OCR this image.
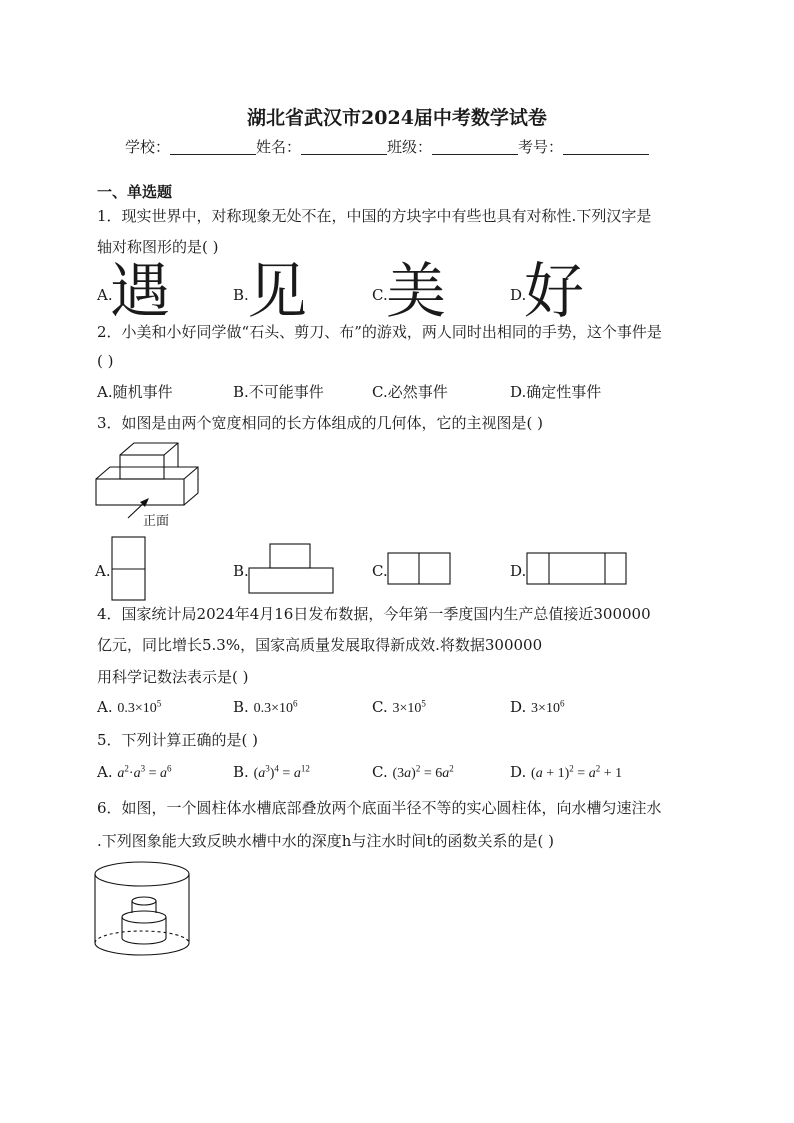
湖北省武汉市2024届中考数学试卷
学校：	姓名：	班级：	考号：
一、单选题
1．现实世界中，对称现象无处不在，中国的方块字中有些也具有对称性.下列汉字是
轴对称图形的是( )
A.
遇	B.
见	C.
美	D.
好
2．小美和小好同学做“石头、剪刀、布”的游戏，两人同时出相同的手势，这个事件是
( )
A.随机事件	B.不可能事件	C.必然事件	D.确定性事件
3．如图是由两个宽度相同的长方体组成的几何体，它的主视图是( )
正面
A.	B.	C.	D.
4．国家统计局2024年4月16日发布数据，今年第一季度国内生产总值接近300000
亿元，同比增长5.3%，国家高质量发展取得新成效.将数据300000
用科学记数法表示是( )
A. $0.3\times 10^5$	B. $0.3\times 10^6$	C. $3\times 10^5$	D. $3\times 10^6$
5．下列计算正确的是( )
A. $a^2\cdot a^3 = a^6$	B. $(a^3)^4 = a^{12}$	C. $(3a)^2 = 6a^2$	D. $(a + 1)^2 = a^2 + 1$
6．如图，一个圆柱体水槽底部叠放两个底面半径不等的实心圆柱体，向水槽匀速注水
.下列图象能大致反映水槽中水的深度h与注水时间t的函数关系的是( )
